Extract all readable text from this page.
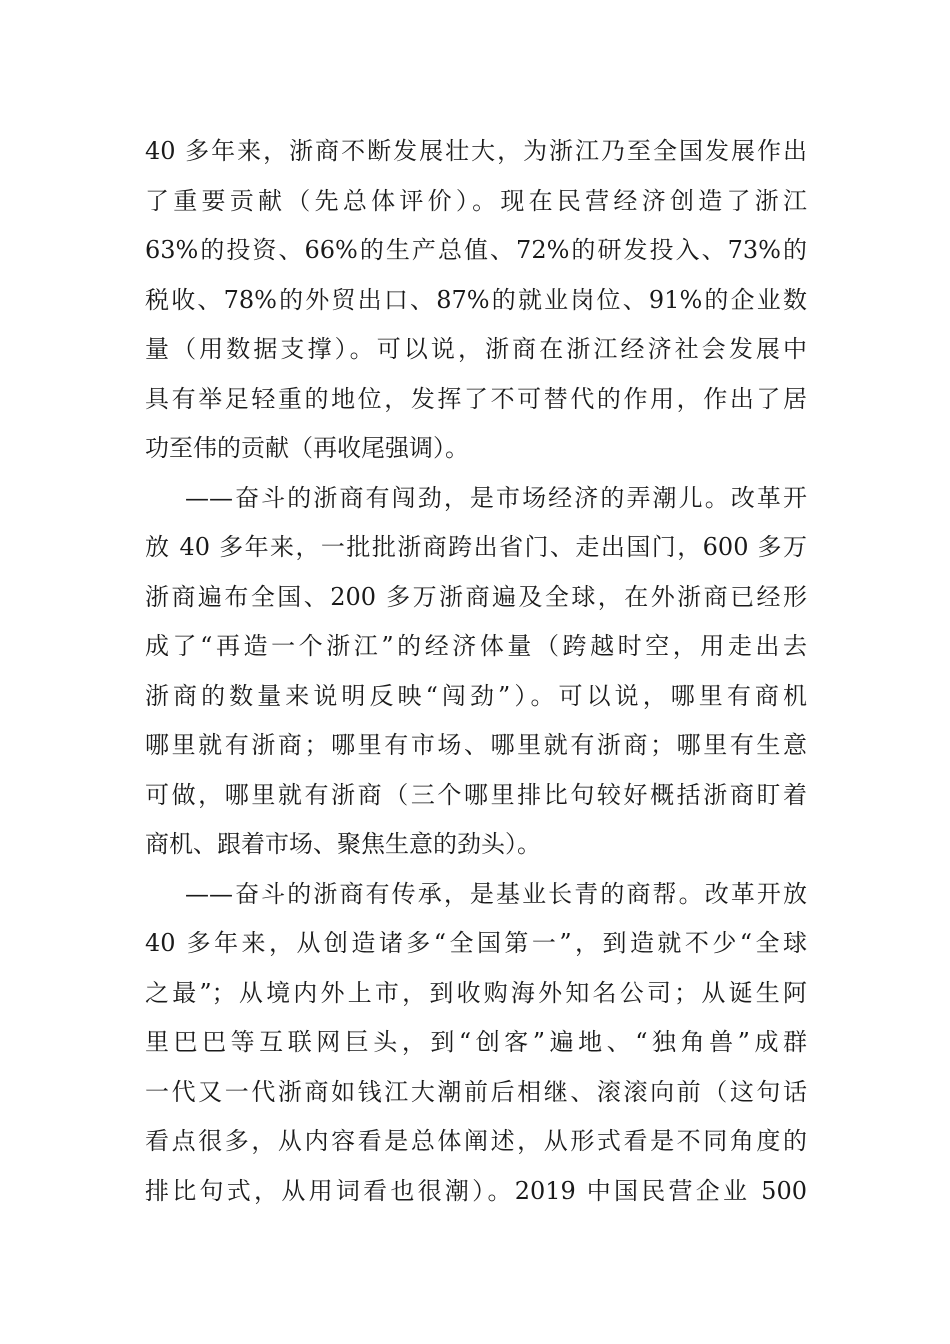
40 多年来，浙商不断发展壮大，为浙江乃至全国发展作出
了重要贡献（先总体评价）。现在民营经济创造了浙江
63%的投资、66%的生产总值、72%的研发投入、73%的
税收、78%的外贸出口、87%的就业岗位、91%的企业数
量（用数据支撑）。可以说，浙商在浙江经济社会发展中
具有举足轻重的地位，发挥了不可替代的作用，作出了居
功至伟的贡献（再收尾强调）。
——奋斗的浙商有闯劲，是市场经济的弄潮儿。改革开
放 40 多年来，一批批浙商跨出省门、走出国门，600 多万
浙商遍布全国、200 多万浙商遍及全球，在外浙商已经形
成了“再造一个浙江”的经济体量（跨越时空，用走出去
浙商的数量来说明反映“闯劲”）。可以说，哪里有商机
哪里就有浙商；哪里有市场、哪里就有浙商；哪里有生意
可做，哪里就有浙商（三个哪里排比句较好概括浙商盯着
商机、跟着市场、聚焦生意的劲头）。
——奋斗的浙商有传承，是基业长青的商帮。改革开放
40 多年来，从创造诸多“全国第一”，到造就不少“全球
之最”；从境内外上市，到收购海外知名公司；从诞生阿
里巴巴等互联网巨头，到“创客”遍地、“独角兽”成群
一代又一代浙商如钱江大潮前后相继、滚滚向前（这句话
看点很多，从内容看是总体阐述，从形式看是不同角度的
排比句式，从用词看也很潮）。2019 中国民营企业 500
